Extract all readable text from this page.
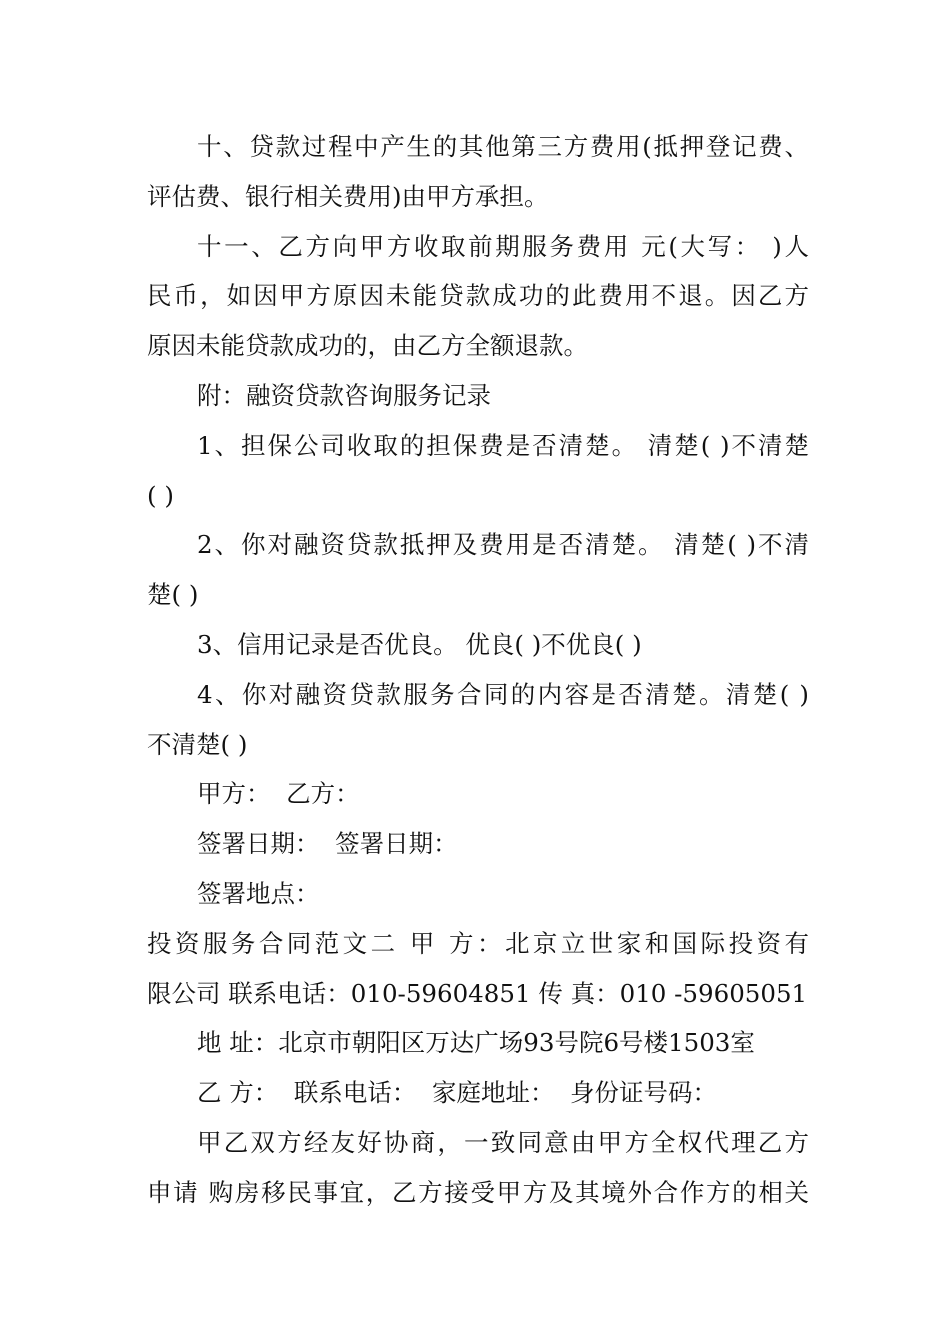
十、贷款过程中产生的其他第三方费用(抵押登记费、
评估费、银行相关费用)由甲方承担。
十一、乙方向甲方收取前期服务费用 元(大写： )人
民币，如因甲方原因未能贷款成功的此费用不退。因乙方
原因未能贷款成功的，由乙方全额退款。
附：融资贷款咨询服务记录
1、担保公司收取的担保费是否清楚。 清楚( )不清楚
( )
2、你对融资贷款抵押及费用是否清楚。 清楚( )不清
楚( )
3、信用记录是否优良。 优良( )不优良( )
4、你对融资贷款服务合同的内容是否清楚。清楚( )
不清楚( )
甲方：  乙方：
签署日期：  签署日期：
签署地点：
投资服务合同范文二 甲 方：北京立世家和国际投资有
限公司 联系电话：010-59604851 传 真：010 -59605051
地 址：北京市朝阳区万达广场93号院6号楼1503室
乙 方：  联系电话：  家庭地址：  身份证号码：
甲乙双方经友好协商，一致同意由甲方全权代理乙方
申请 购房移民事宜，乙方接受甲方及其境外合作方的相关
